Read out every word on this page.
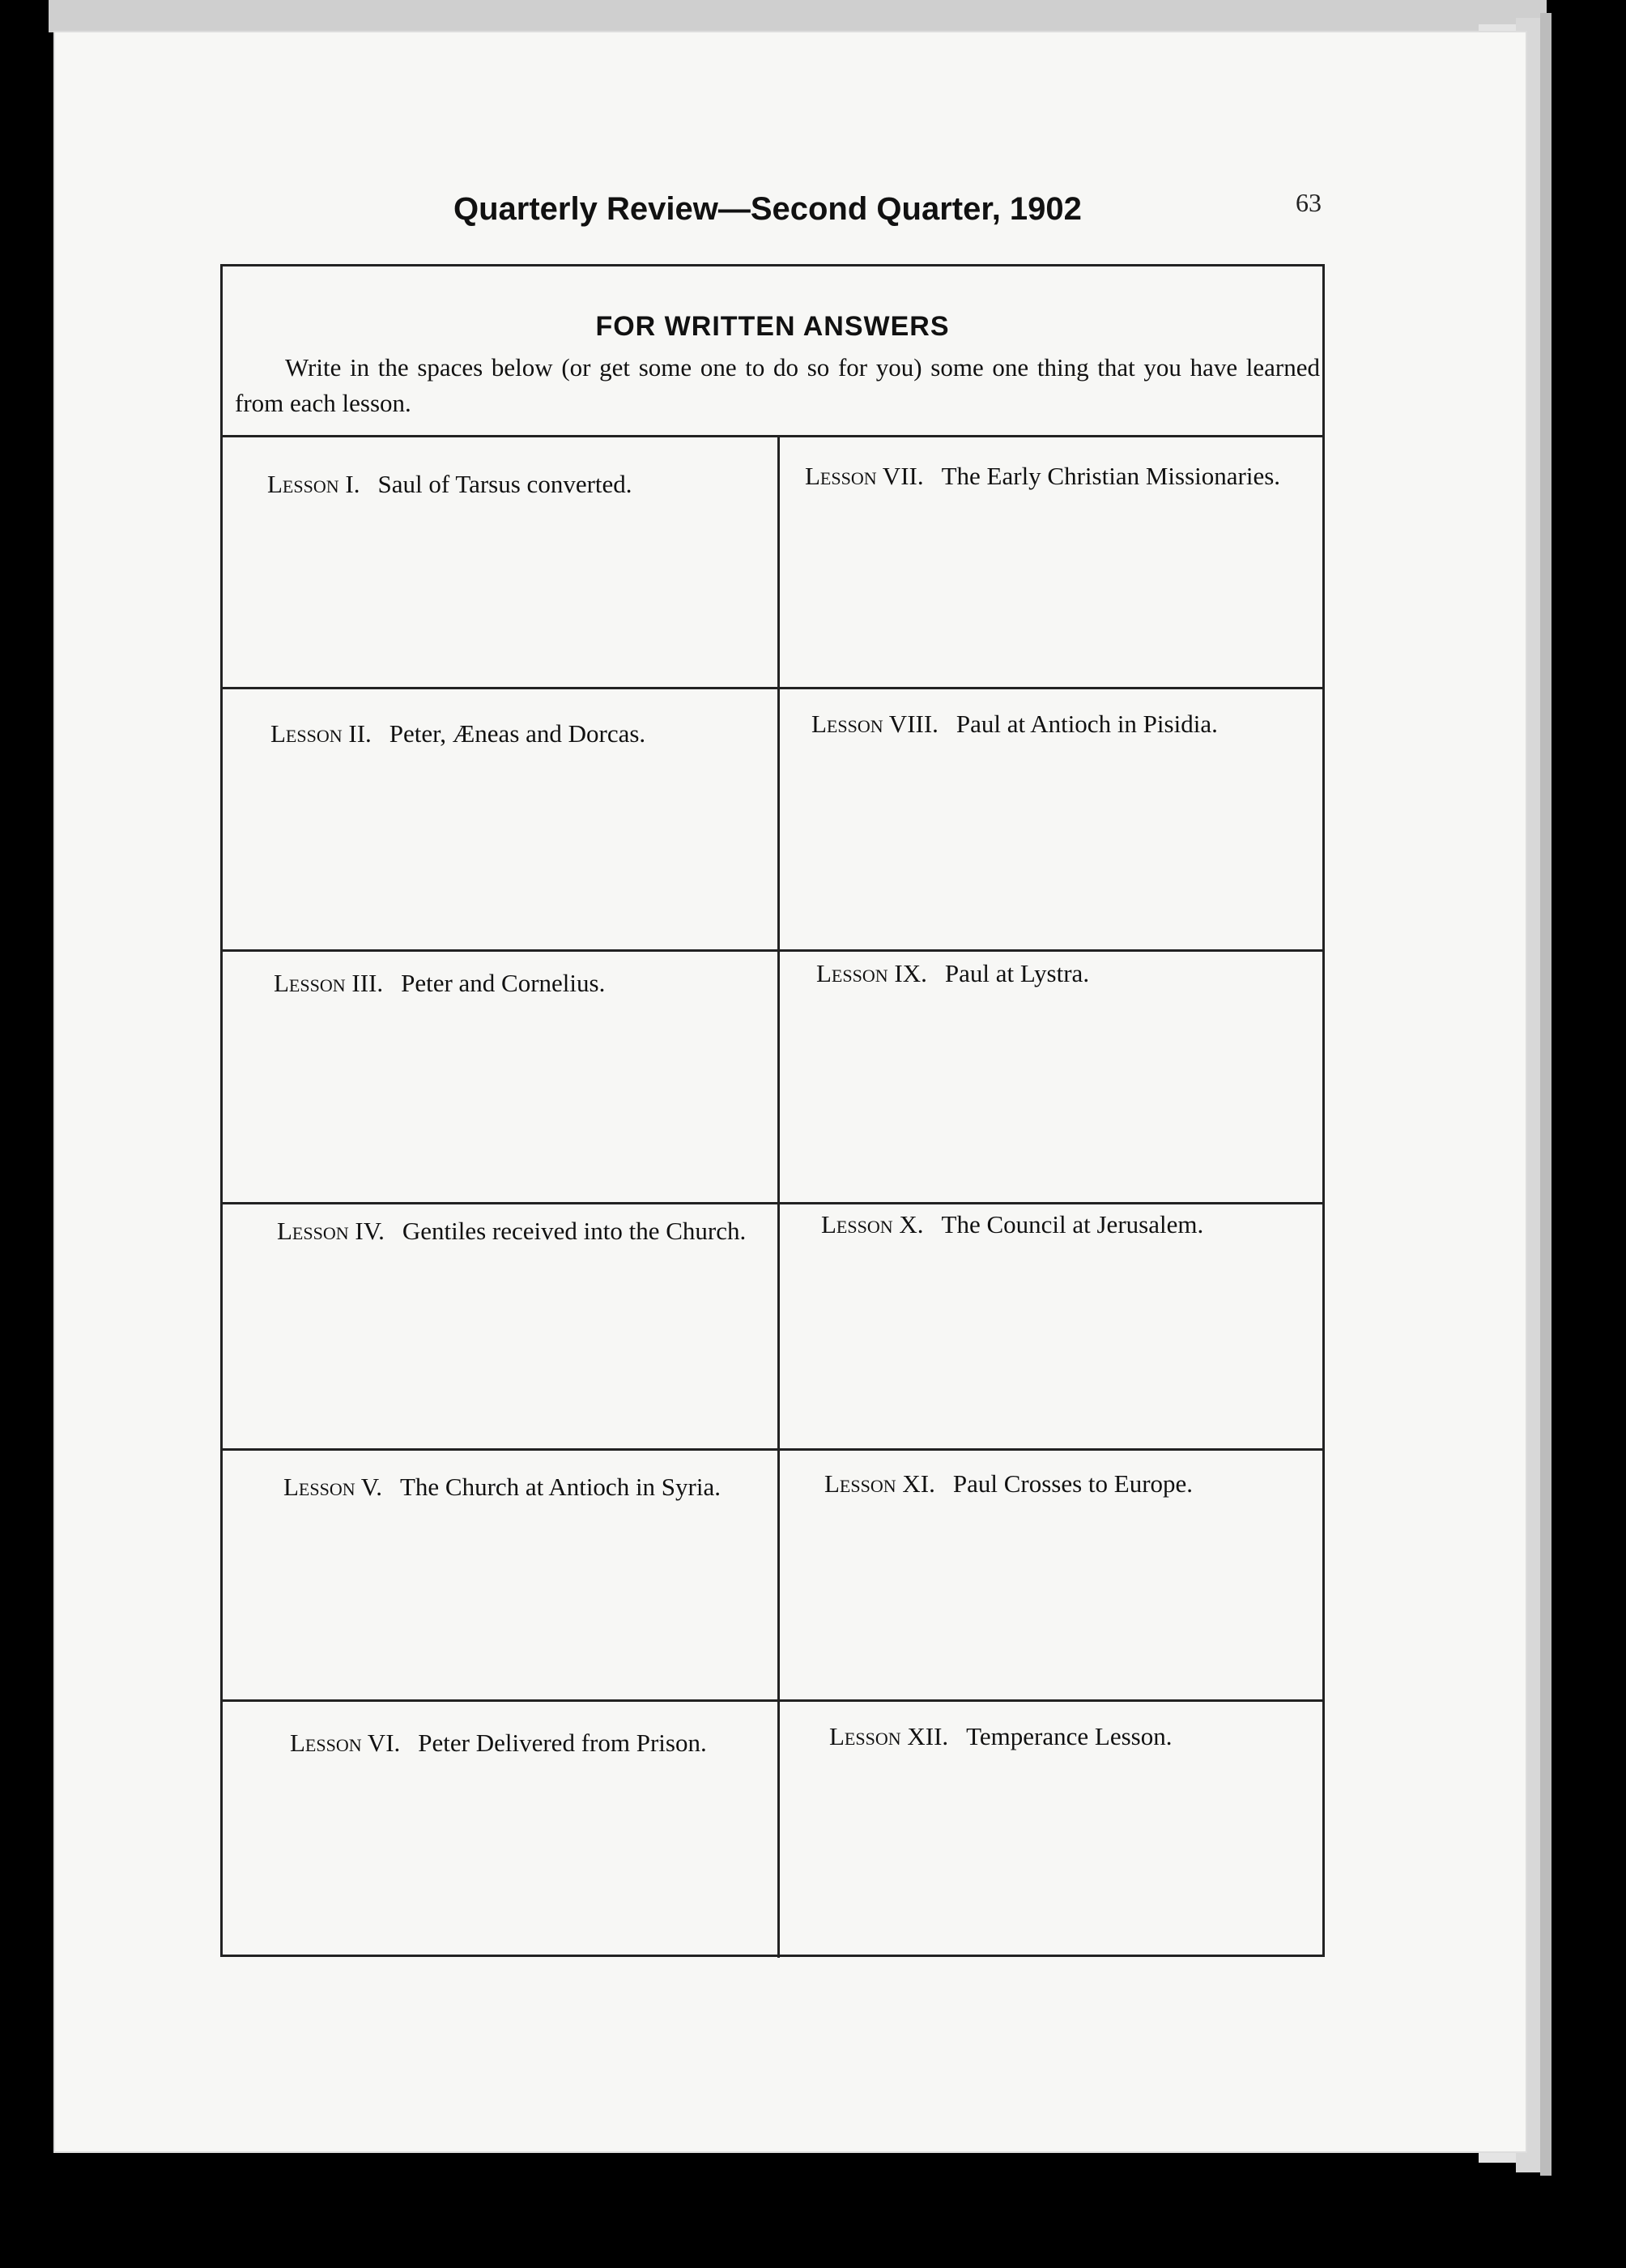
Quarterly Review—Second Quarter, 1902	63
FOR WRITTEN ANSWERS
Write in the spaces below (or get some one to do so for you) some one thing that you have learned from each lesson.
Lesson I. Saul of Tarsus converted.
Lesson II. Peter, Æneas and Dorcas.
Lesson III. Peter and Cornelius.
Lesson IV. Gentiles received into the Church.
Lesson V. The Church at Antioch in Syria.
Lesson VI. Peter Delivered from Prison.
Lesson VII. The Early Christian Missionaries.
Lesson VIII. Paul at Antioch in Pisidia.
Lesson IX. Paul at Lystra.
Lesson X. The Council at Jerusalem.
Lesson XI. Paul Crosses to Europe.
Lesson XII. Temperance Lesson.
